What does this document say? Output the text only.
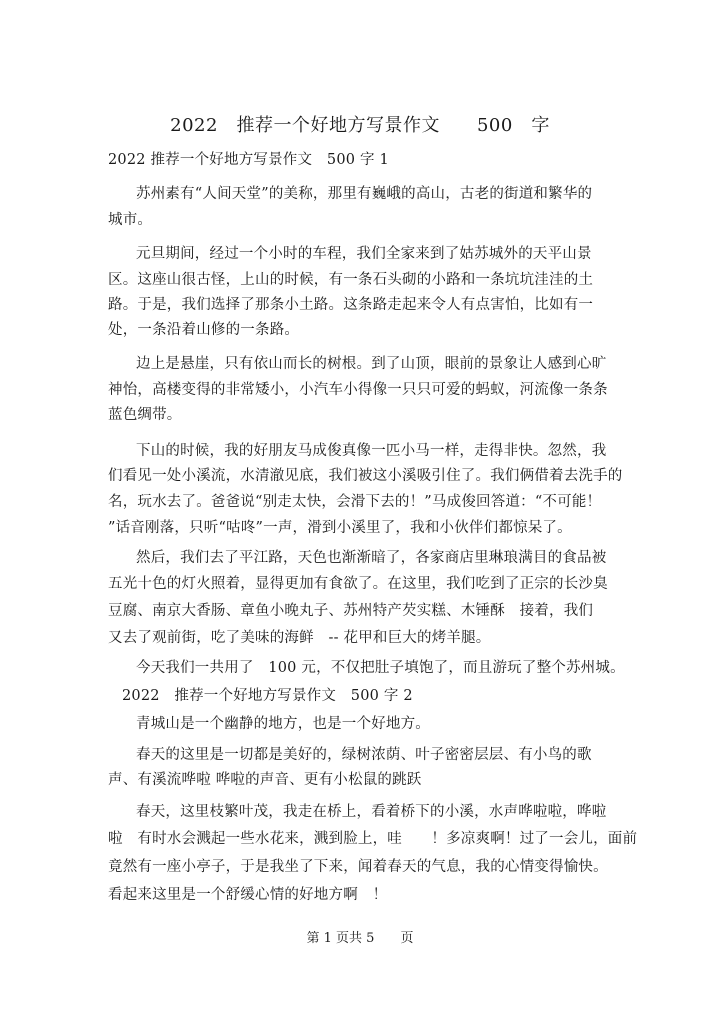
2022　推荐一个好地方写景作文　　500　字
2022 推荐一个好地方写景作文　500 字 1
苏州素有“人间天堂”的美称，那里有巍峨的高山，古老的街道和繁华的
城市。
元旦期间，经过一个小时的车程，我们全家来到了姑苏城外的天平山景
区。这座山很古怪，上山的时候，有一条石头砌的小路和一条坑坑洼洼的土
路。于是，我们选择了那条小土路。这条路走起来令人有点害怕，比如有一
处，一条沿着山修的一条路。
边上是悬崖，只有依山而长的树根。到了山顶，眼前的景象让人感到心旷
神怡，高楼变得的非常矮小，小汽车小得像一只只可爱的蚂蚁，河流像一条条
蓝色绸带。
下山的时候，我的好朋友马成俊真像一匹小马一样，走得非快。忽然，我
们看见一处小溪流，水清澈见底，我们被这小溪吸引住了。我们俩借着去洗手的
名，玩水去了。爸爸说“别走太快，会滑下去的！”马成俊回答道：“不可能！
”话音刚落，只听“咕咚”一声，滑到小溪里了，我和小伙伴们都惊呆了。
然后，我们去了平江路，天色也渐渐暗了，各家商店里琳琅满目的食品被
五光十色的灯火照着，显得更加有食欲了。在这里，我们吃到了正宗的长沙臭
豆腐、南京大香肠、章鱼小晚丸子、苏州特产芡实糕、木锤酥　接着，我们
又去了观前街，吃了美味的海鲜　-- 花甲和巨大的烤羊腿。
今天我们一共用了　100 元，不仅把肚子填饱了，而且游玩了整个苏州城。
2022　推荐一个好地方写景作文　500 字 2
青城山是一个幽静的地方，也是一个好地方。
春天的这里是一切都是美好的，绿树浓荫、叶子密密层层、有小鸟的歌
声、有溪流哗啦 哗啦的声音、更有小松鼠的跳跃
春天，这里枝繁叶茂，我走在桥上，看着桥下的小溪，水声哗啦啦，哗啦
啦　有时水会溅起一些水花来，溅到脸上，哇　　！多凉爽啊！过了一会儿，面前
竟然有一座小亭子，于是我坐了下来，闻着春天的气息，我的心情变得愉快。
看起来这里是一个舒缓心情的好地方啊　！
第 1 页共 5　　页
